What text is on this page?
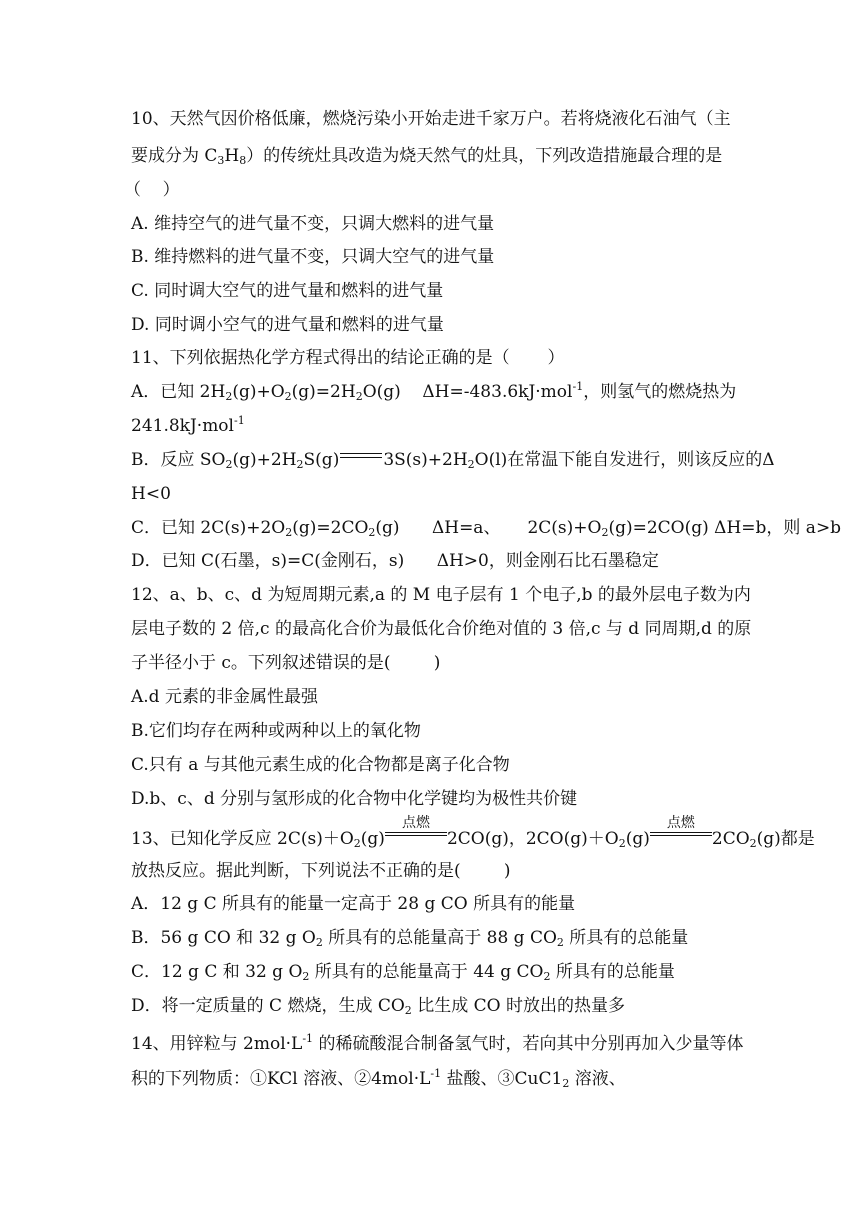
10、天然气因价格低廉，燃烧污染小开始走进千家万户。若将烧液化石油气（主
要成分为 $C_3H_8$）的传统灶具改造为烧天然气的灶具，下列改造措施最合理的是
（    ）
A. 维持空气的进气量不变，只调大燃料的进气量
B. 维持燃料的进气量不变，只调大空气的进气量
C. 同时调大空气的进气量和燃料的进气量
D. 同时调小空气的进气量和燃料的进气量
11、下列依据热化学方程式得出的结论正确的是（       ）
A．已知 $2H_2(g)+O_2(g)=2H_2O(g)$    ΔH=-483.6kJ·mol$^{-1}$，则氢气的燃烧热为
241.8kJ·mol$^{-1}$
B．反应 $SO_2(g)+2H_2S(g)$	$3S(s)+2H_2O(l)$在常温下能自发进行，则该反应的Δ
H<0
C．已知 $2C(s)+2O_2(g)=2CO_2(g)$      ΔH=a、     $2C(s)+O_2(g)=2CO(g)$ ΔH=b，则 a>b
D．已知 C(石墨，s)=C(金刚石，s)      ΔH>0，则金刚石比石墨稳定
12、a、b、c、d 为短周期元素,a 的 M 电子层有 1 个电子,b 的最外层电子数为内
层电子数的 2 倍,c 的最高化合价为最低化合价绝对值的 3 倍,c 与 d 同周期,d 的原
子半径小于 c。下列叙述错误的是(        )
A.d 元素的非金属性最强
B.它们均存在两种或两种以上的氧化物
C.只有 a 与其他元素生成的化合物都是离子化合物
D.b、c、d 分别与氢形成的化合物中化学键均为极性共价键
13、已知化学反应 $2C(s)+O_2(g)$
点燃
2CO(g)，$2CO(g)+O_2(g)$
点燃
$2CO_2(g)$都是
放热反应。据此判断，下列说法不正确的是(        )
A．12 g C 所具有的能量一定高于 28 g CO 所具有的能量
B．56 g CO 和 32 g $O_2$ 所具有的总能量高于 88 g $CO_2$ 所具有的总能量
C．12 g C 和 32 g $O_2$ 所具有的总能量高于 44 g $CO_2$ 所具有的总能量
D．将一定质量的 C 燃烧，生成 $CO_2$ 比生成 CO 时放出的热量多
14、用锌粒与 $2mol\cdot L^{-1}$ 的稀硫酸混合制备氢气时，若向其中分别再加入少量等体
积的下列物质：①KCl 溶液、$②4mol\cdot L^{-1}$ 盐酸、$③CuC1_2$ 溶液、
